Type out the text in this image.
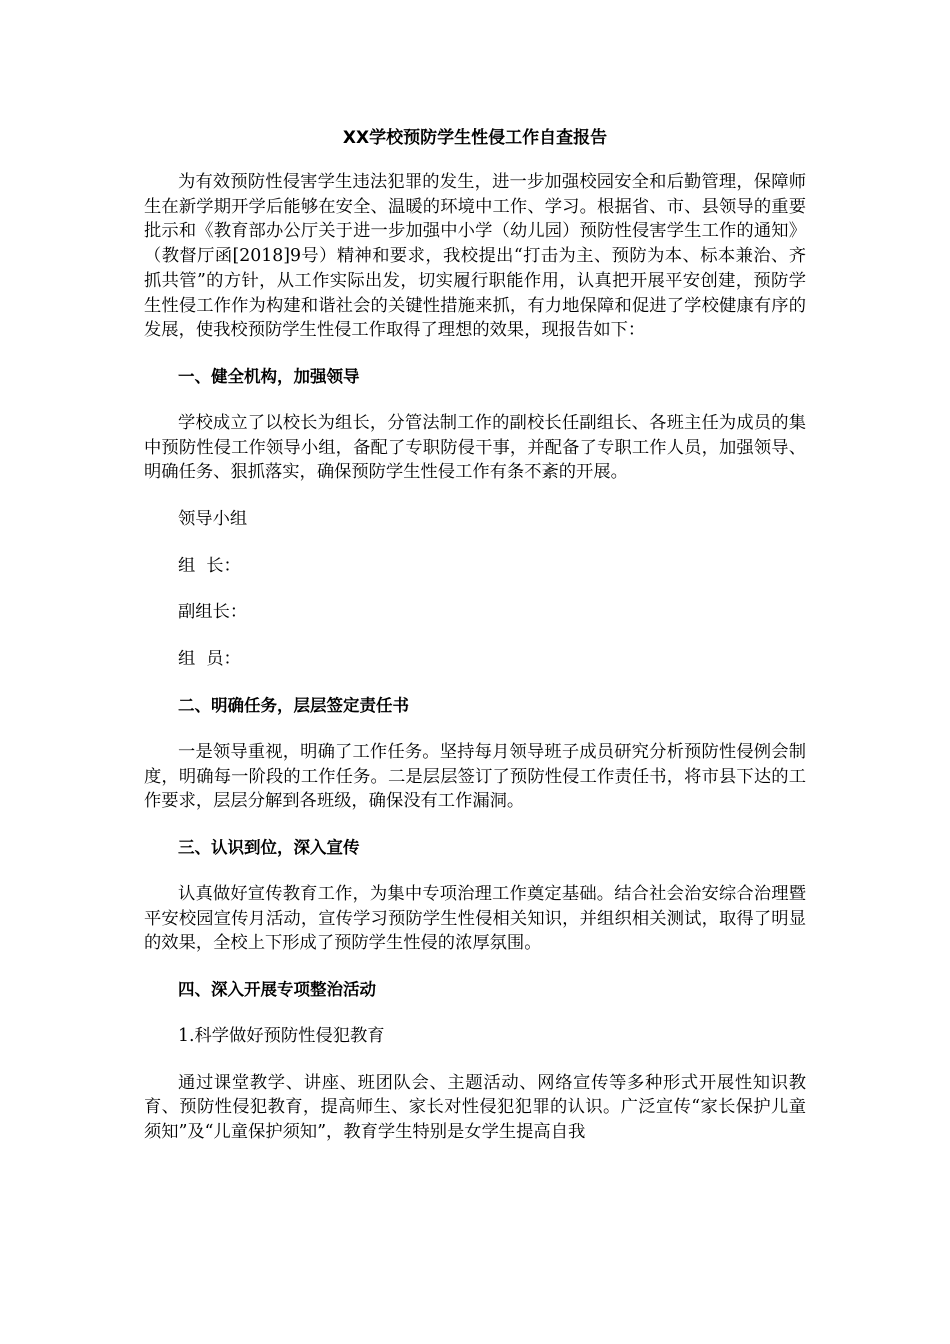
XX学校预防学生性侵工作自查报告

为有效预防性侵害学生违法犯罪的发生，进一步加强校园安全和后勤管理，保障师生在新学期开学后能够在安全、温暖的环境中工作、学习。根据省、市、县领导的重要批示和《教育部办公厅关于进一步加强中小学（幼儿园）预防性侵害学生工作的通知》（教督厅函[2018]9号）精神和要求，我校提出“打击为主、预防为本、标本兼治、齐抓共管”的方针，从工作实际出发，切实履行职能作用，认真把开展平安创建，预防学生性侵工作作为构建和谐社会的关键性措施来抓，有力地保障和促进了学校健康有序的发展，使我校预防学生性侵工作取得了理想的效果，现报告如下：

一、健全机构，加强领导

学校成立了以校长为组长，分管法制工作的副校长任副组长、各班主任为成员的集中预防性侵工作领导小组，备配了专职防侵干事，并配备了专职工作人员，加强领导、明确任务、狠抓落实，确保预防学生性侵工作有条不紊的开展。

领导小组
组  长：
副组长：
组  员：
二、明确任务，层层签定责任书

一是领导重视，明确了工作任务。坚持每月领导班子成员研究分析预防性侵例会制度，明确每一阶段的工作任务。二是层层签订了预防性侵工作责任书，将市县下达的工作要求，层层分解到各班级，确保没有工作漏洞。

三、认识到位，深入宣传

认真做好宣传教育工作，为集中专项治理工作奠定基础。结合社会治安综合治理暨平安校园宣传月活动，宣传学习预防学生性侵相关知识，并组织相关测试，取得了明显的效果，全校上下形成了预防学生性侵的浓厚氛围。

四、深入开展专项整治活动
1.科学做好预防性侵犯教育

通过课堂教学、讲座、班团队会、主题活动、网络宣传等多种形式开展性知识教育、预防性侵犯教育，提高师生、家长对性侵犯犯罪的认识。广泛宣传“家长保护儿童须知”及“儿童保护须知”，教育学生特别是女学生提高自我
